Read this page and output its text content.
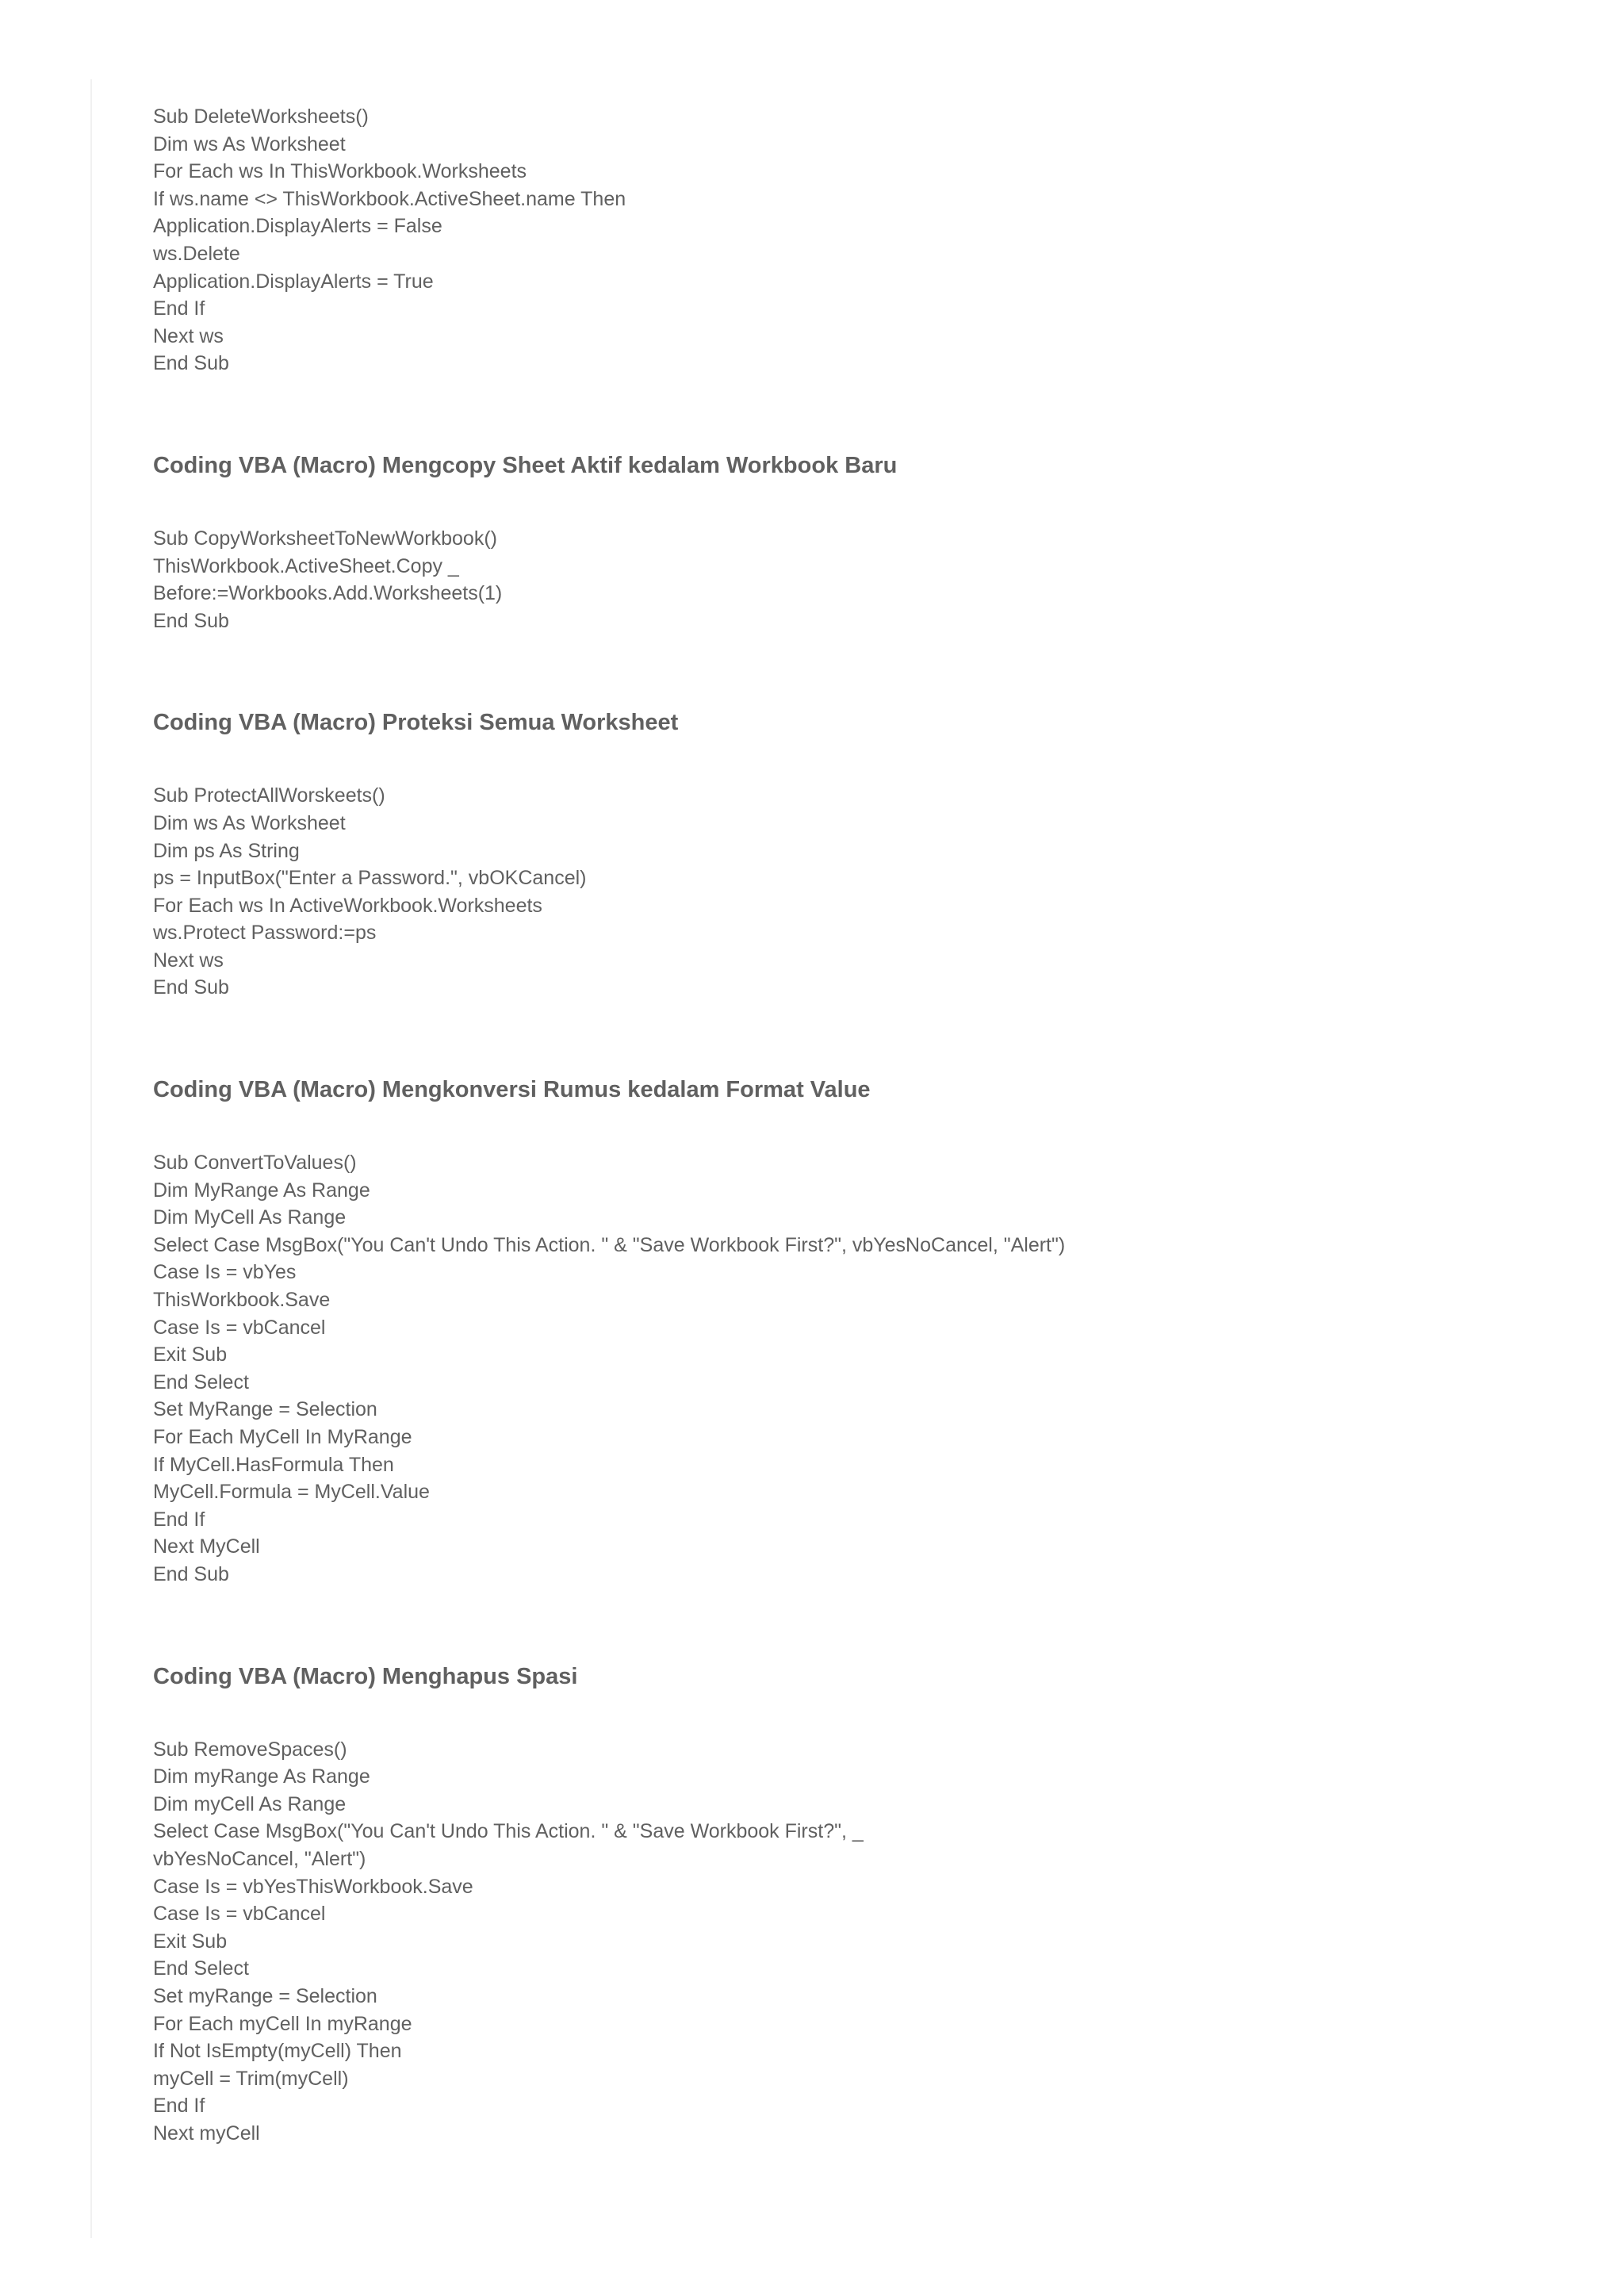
Sub DeleteWorksheets()
Dim ws As Worksheet
For Each ws In ThisWorkbook.Worksheets
If ws.name <> ThisWorkbook.ActiveSheet.name Then
Application.DisplayAlerts = False
ws.Delete
Application.DisplayAlerts = True
End If
Next ws
End Sub
Coding VBA (Macro) Mengcopy Sheet Aktif kedalam Workbook Baru
Sub CopyWorksheetToNewWorkbook()
ThisWorkbook.ActiveSheet.Copy _
Before:=Workbooks.Add.Worksheets(1)
End Sub
Coding VBA (Macro) Proteksi Semua Worksheet
Sub ProtectAllWorskeets()
Dim ws As Worksheet
Dim ps As String
ps = InputBox("Enter a Password.", vbOKCancel)
For Each ws In ActiveWorkbook.Worksheets
ws.Protect Password:=ps
Next ws
End Sub
Coding VBA (Macro) Mengkonversi Rumus kedalam Format Value
Sub ConvertToValues()
Dim MyRange As Range
Dim MyCell As Range
Select Case MsgBox("You Can't Undo This Action. " & "Save Workbook First?", vbYesNoCancel, "Alert")
Case Is = vbYes
ThisWorkbook.Save
Case Is = vbCancel
Exit Sub
End Select
Set MyRange = Selection
For Each MyCell In MyRange
If MyCell.HasFormula Then
MyCell.Formula = MyCell.Value
End If
Next MyCell
End Sub
Coding VBA (Macro) Menghapus Spasi
Sub RemoveSpaces()
Dim myRange As Range
Dim myCell As Range
Select Case MsgBox("You Can't Undo This Action. " & "Save Workbook First?", _
vbYesNoCancel, "Alert")
Case Is = vbYesThisWorkbook.Save
Case Is = vbCancel
Exit Sub
End Select
Set myRange = Selection
For Each myCell In myRange
If Not IsEmpty(myCell) Then
myCell = Trim(myCell)
End If
Next myCell
